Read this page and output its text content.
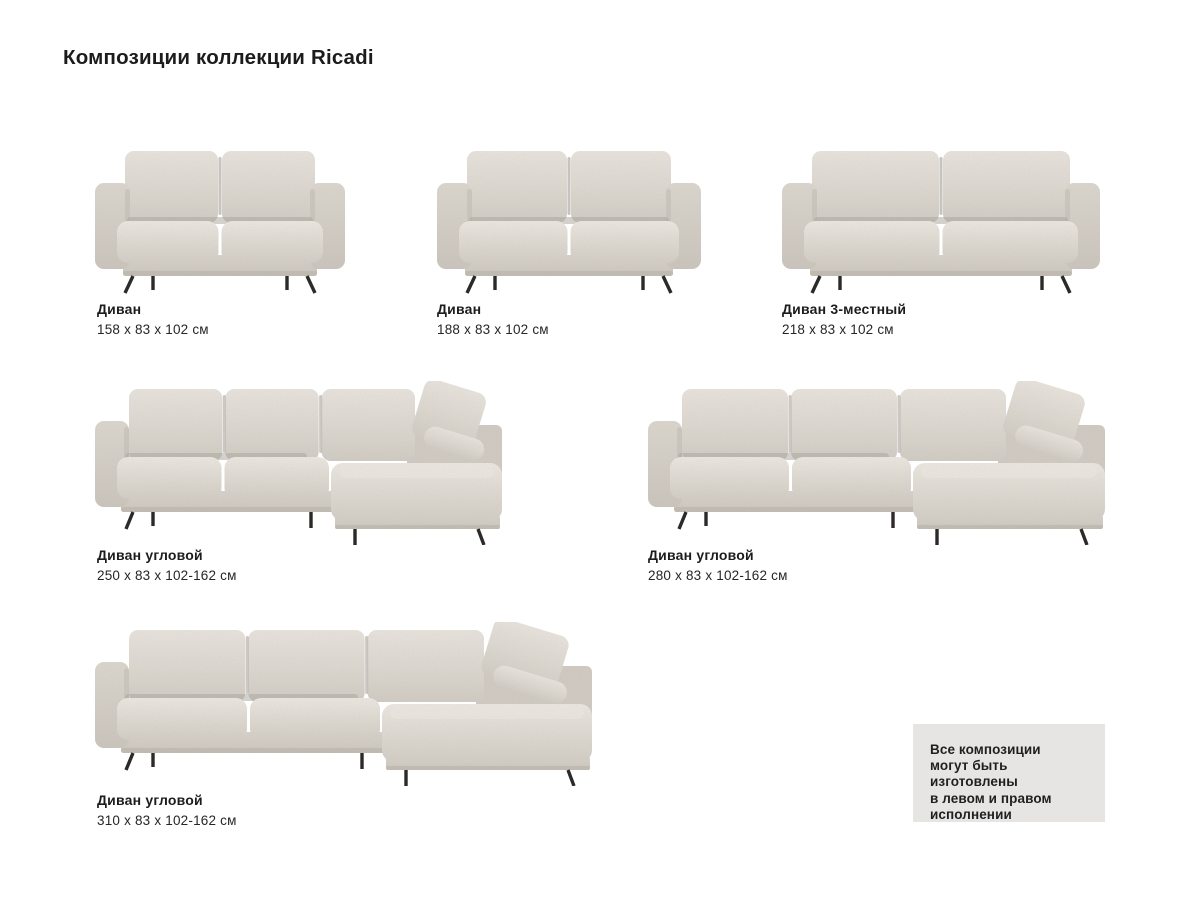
Композиции коллекции Ricadi
Диван
158 x 83 x 102 см
Диван
188 x 83 x 102 см
Диван 3-местный
218 x 83 x 102 см
Диван угловой
250 x 83 x 102-162 см
Диван угловой
280 x 83 x 102-162 см
Диван угловой
310 x 83 x 102-162 см
Все композиции
могут быть изготовлены
в левом и правом
исполнении
